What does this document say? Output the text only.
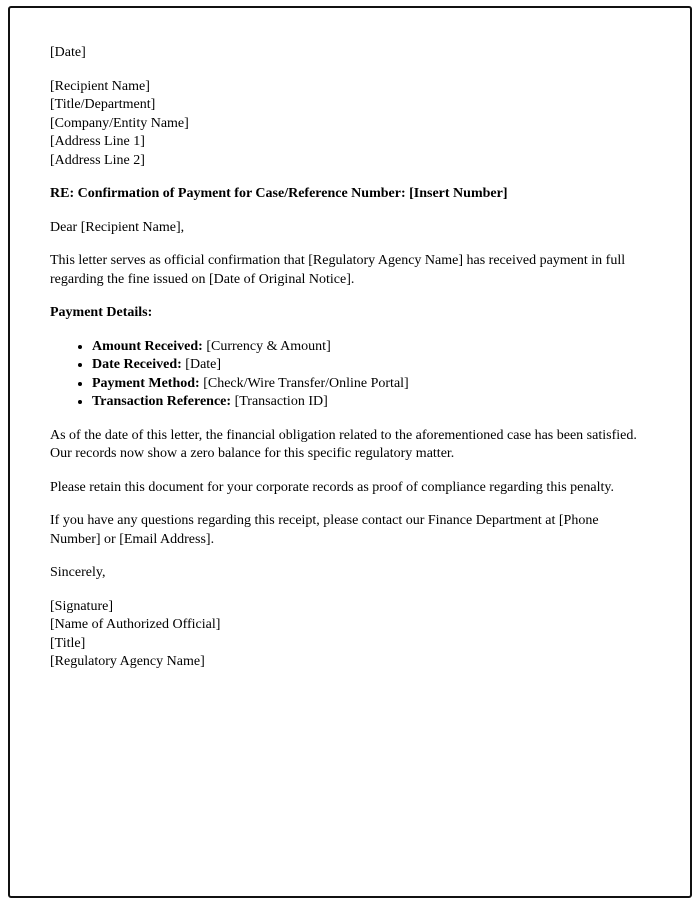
[Date]

[Recipient Name]
[Title/Department]
[Company/Entity Name]
[Address Line 1]
[Address Line 2]

RE: Confirmation of Payment for Case/Reference Number: [Insert Number]

Dear [Recipient Name],

This letter serves as official confirmation that [Regulatory Agency Name] has received payment in full regarding the fine issued on [Date of Original Notice].

Payment Details:

• Amount Received: [Currency & Amount]
• Date Received: [Date]
• Payment Method: [Check/Wire Transfer/Online Portal]
• Transaction Reference: [Transaction ID]

As of the date of this letter, the financial obligation related to the aforementioned case has been satisfied. Our records now show a zero balance for this specific regulatory matter.

Please retain this document for your corporate records as proof of compliance regarding this penalty.

If you have any questions regarding this receipt, please contact our Finance Department at [Phone Number] or [Email Address].

Sincerely,

[Signature]
[Name of Authorized Official]
[Title]
[Regulatory Agency Name]
